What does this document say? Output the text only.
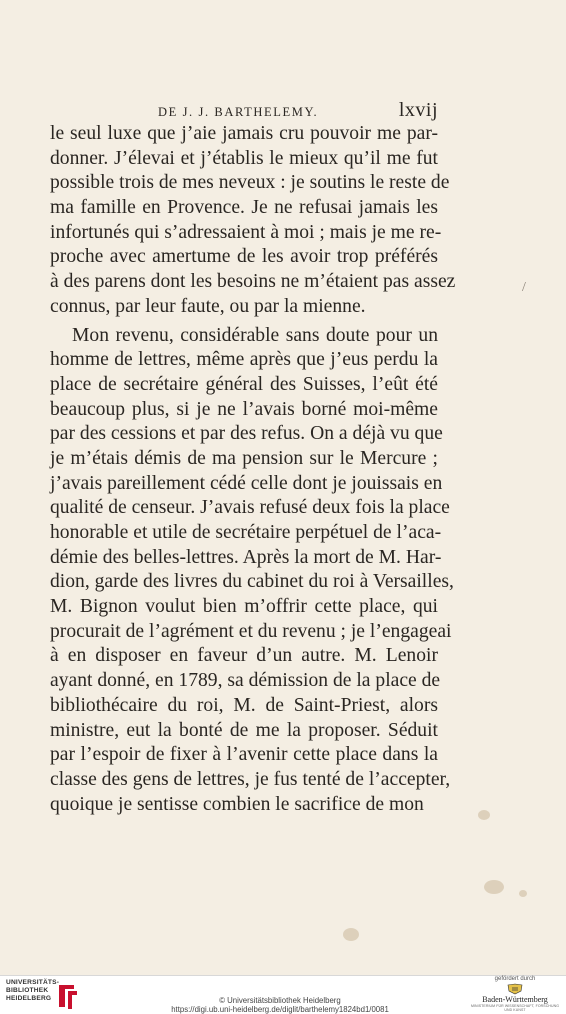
DE J. J. BARTHELEMY.	lxvij
le seul luxe que j’aie jamais cru pouvoir me par-
donner. J’élevai et j’établis le mieux qu’il me fut
possible trois de mes neveux : je soutins le reste de
ma famille en Provence. Je ne refusai jamais les
infortunés qui s’adressaient à moi ; mais je me re-
proche avec amertume de les avoir trop préférés
à des parens dont les besoins ne m’étaient pas assez
connus, par leur faute, ou par la mienne.
Mon revenu, considérable sans doute pour un
homme de lettres, même après que j’eus perdu la
place de secrétaire général des Suisses, l’eût été
beaucoup plus, si je ne l’avais borné moi-même
par des cessions et par des refus. On a déjà vu que
je m’étais démis de ma pension sur le Mercure ;
j’avais pareillement cédé celle dont je jouissais en
qualité de censeur. J’avais refusé deux fois la place
honorable et utile de secrétaire perpétuel de l’aca-
démie des belles-lettres. Après la mort de M. Har-
dion, garde des livres du cabinet du roi à Versailles,
M. Bignon voulut bien m’offrir cette place, qui
procurait de l’agrément et du revenu ; je l’engageai
à en disposer en faveur d’un autre. M. Lenoir
ayant donné, en 1789, sa démission de la place de
bibliothécaire du roi, M. de Saint-Priest, alors
ministre, eut la bonté de me la proposer. Séduit
par l’espoir de fixer à l’avenir cette place dans la
classe des gens de lettres, je fus tenté de l’accepter,
quoique je sentisse combien le sacrifice de mon
/
UNIVERSITÄTS-
BIBLIOTHEK
HEIDELBERG	© Universitätsbibliothek Heidelberg
https://digi.ub.uni-heidelberg.de/diglit/barthelemy1824bd1/0081
gefördert durch
Baden-Württemberg
MINISTERIUM FÜR WISSENSCHAFT, FORSCHUNG UND KUNST
